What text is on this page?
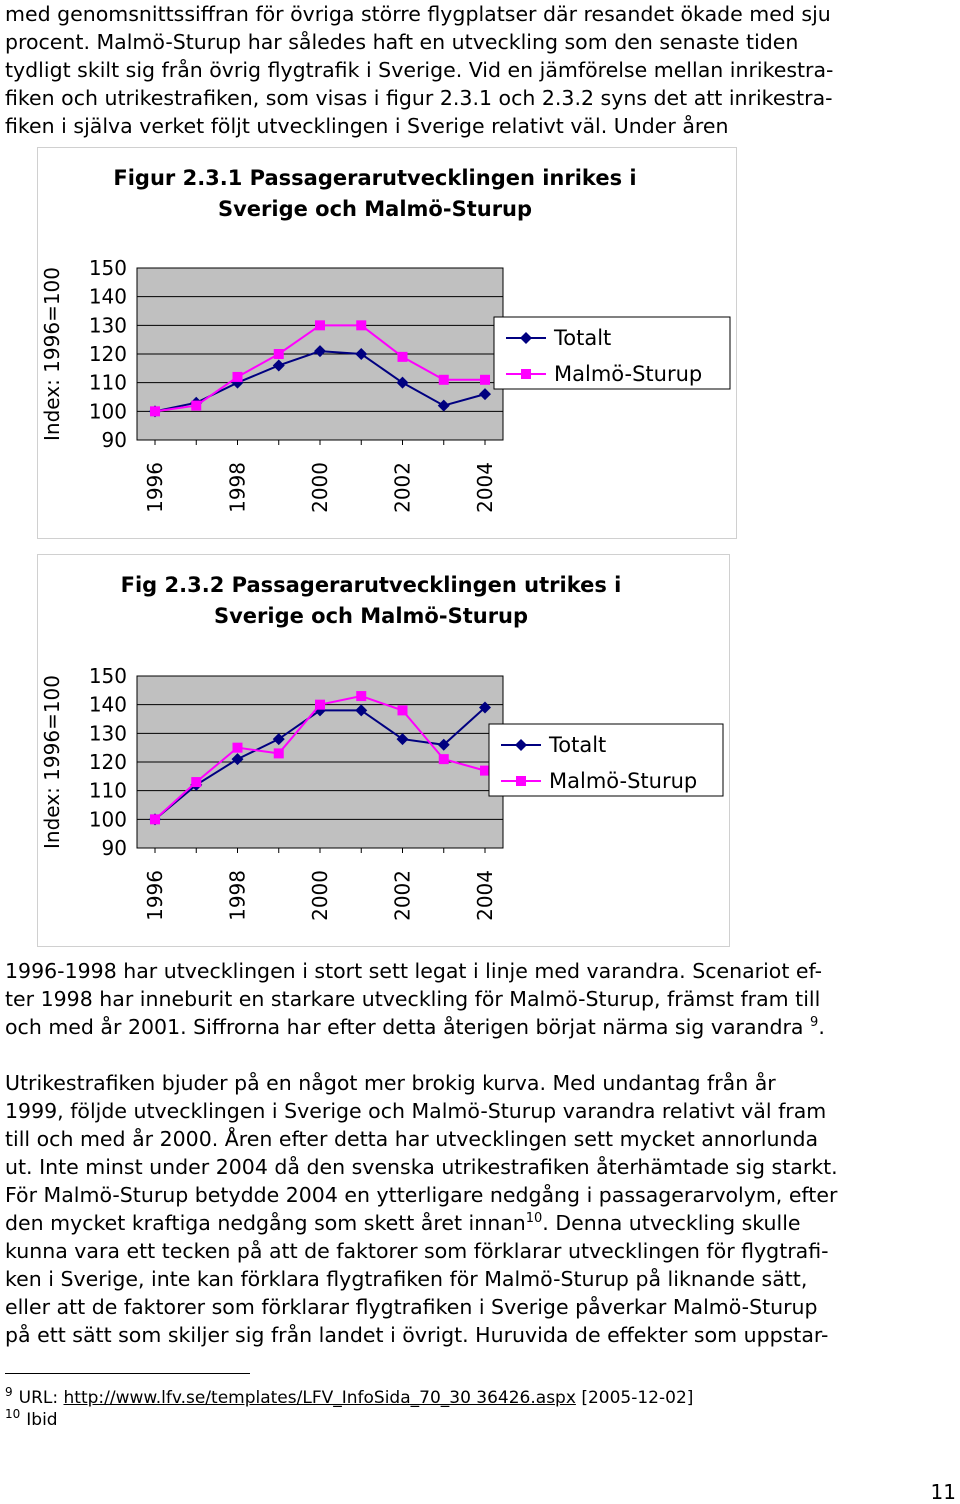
med genomsnittssiffran för övriga större flygplatser där resandet ökade med sju
procent. Malmö-Sturup har således haft en utveckling som den senaste tiden
tydligt skilt sig från övrig flygtrafik i Sverige. Vid en jämförelse mellan inrikestra-
fiken och utrikestrafiken, som visas i figur 2.3.1 och 2.3.2 syns det att inrikestra-
fiken i själva verket följt utvecklingen i Sverige relativt väl. Under åren
Figur 2.3.1 Passagerarutvecklingen inrikes i
Sverige och Malmö-Sturup
90
100
110
120
130
140
150
Index: 1996=100
1996	1998	2000	2002	2004
Totalt
Malmö-Sturup
Fig 2.3.2 Passagerarutvecklingen utrikes i
Sverige och Malmö-Sturup
90
100
110
120
130
140
150
Index: 1996=100
1996	1998	2000	2002	2004
Totalt
Malmö-Sturup
1996-1998 har utvecklingen i stort sett legat i linje med varandra. Scenariot ef-
ter 1998 har inneburit en starkare utveckling för Malmö-Sturup, främst fram till
och med år 2001. Siffrorna har efter detta återigen börjat närma sig varandra $^9$.
Utrikestrafiken bjuder på en något mer brokig kurva. Med undantag från år
1999, följde utvecklingen i Sverige och Malmö-Sturup varandra relativt väl fram
till och med år 2000. Åren efter detta har utvecklingen sett mycket annorlunda
ut. Inte minst under 2004 då den svenska utrikestrafiken återhämtade sig starkt.
För Malmö-Sturup betydde 2004 en ytterligare nedgång i passagerarvolym, efter
den mycket kraftiga nedgång som skett året innan$^{10}$. Denna utveckling skulle
kunna vara ett tecken på att de faktorer som förklarar utvecklingen för flygtrafi-
ken i Sverige, inte kan förklara flygtrafiken för Malmö-Sturup på liknande sätt,
eller att de faktorer som förklarar flygtrafiken i Sverige påverkar Malmö-Sturup
på ett sätt som skiljer sig från landet i övrigt. Huruvida de effekter som uppstar-
$^9$ URL: http://www.lfv.se/templates/LFV_InfoSida_70_30 36426.aspx [2005-12-02]
$^{10}$ Ibid
11
